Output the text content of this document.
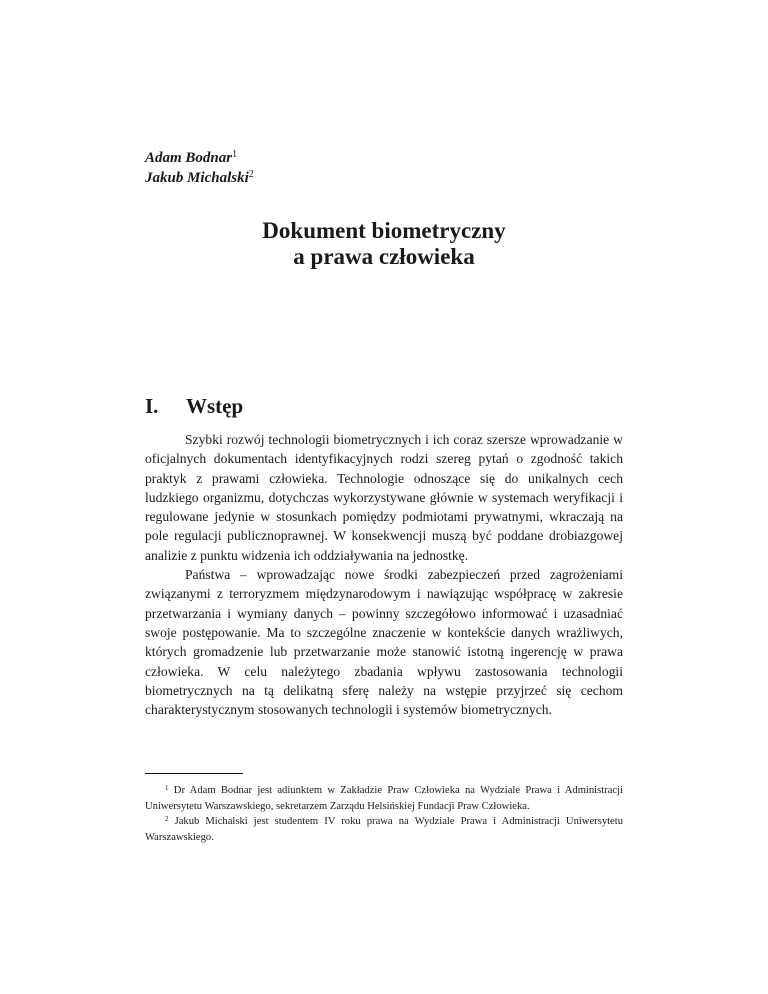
Adam Bodnar$^1$
Jakub Michalski$^2$
Dokument biometryczny
a prawa człowieka
I. Wstęp

Szybki rozwój technologii biometrycznych i ich coraz szersze wprowadzanie w oficjalnych dokumentach identyfikacyjnych rodzi szereg pytań o zgodność takich praktyk z prawami człowieka. Technologie odnoszące się do unikalnych cech ludzkiego organizmu, dotychczas wykorzystywane głównie w systemach weryfikacji i regulowane jedynie w stosunkach pomiędzy podmiotami prywatnymi, wkraczają na pole regulacji publicznoprawnej. W konsekwencji muszą być poddane drobiazgowej analizie z punktu widzenia ich oddziaływania na jednostkę.

Państwa – wprowadzając nowe środki zabezpieczeń przed zagrożeniami związanymi z terroryzmem międzynarodowym i nawiązując współpracę w zakresie przetwarzania i wymiany danych – powinny szczegółowo informować i uzasadniać swoje postępowanie. Ma to szczególne znaczenie w kontekście danych wrażliwych, których gromadzenie lub przetwarzanie może stanowić istotną ingerencję w prawa człowieka. W celu należytego zbadania wpływu zastosowania technologii biometrycznych na tą delikatną sferę należy na wstępie przyjrzeć się cechom charakterystycznym stosowanych technologii i systemów biometrycznych.

$^1$ Dr Adam Bodnar jest adiunktem w Zakładzie Praw Człowieka na Wydziale Prawa i Administracji Uniwersytetu Warszawskiego, sekretarzem Zarządu Helsińskiej Fundacji Praw Człowieka.

$^2$ Jakub Michalski jest studentem IV roku prawa na Wydziale Prawa i Administracji Uniwersytetu Warszawskiego.
